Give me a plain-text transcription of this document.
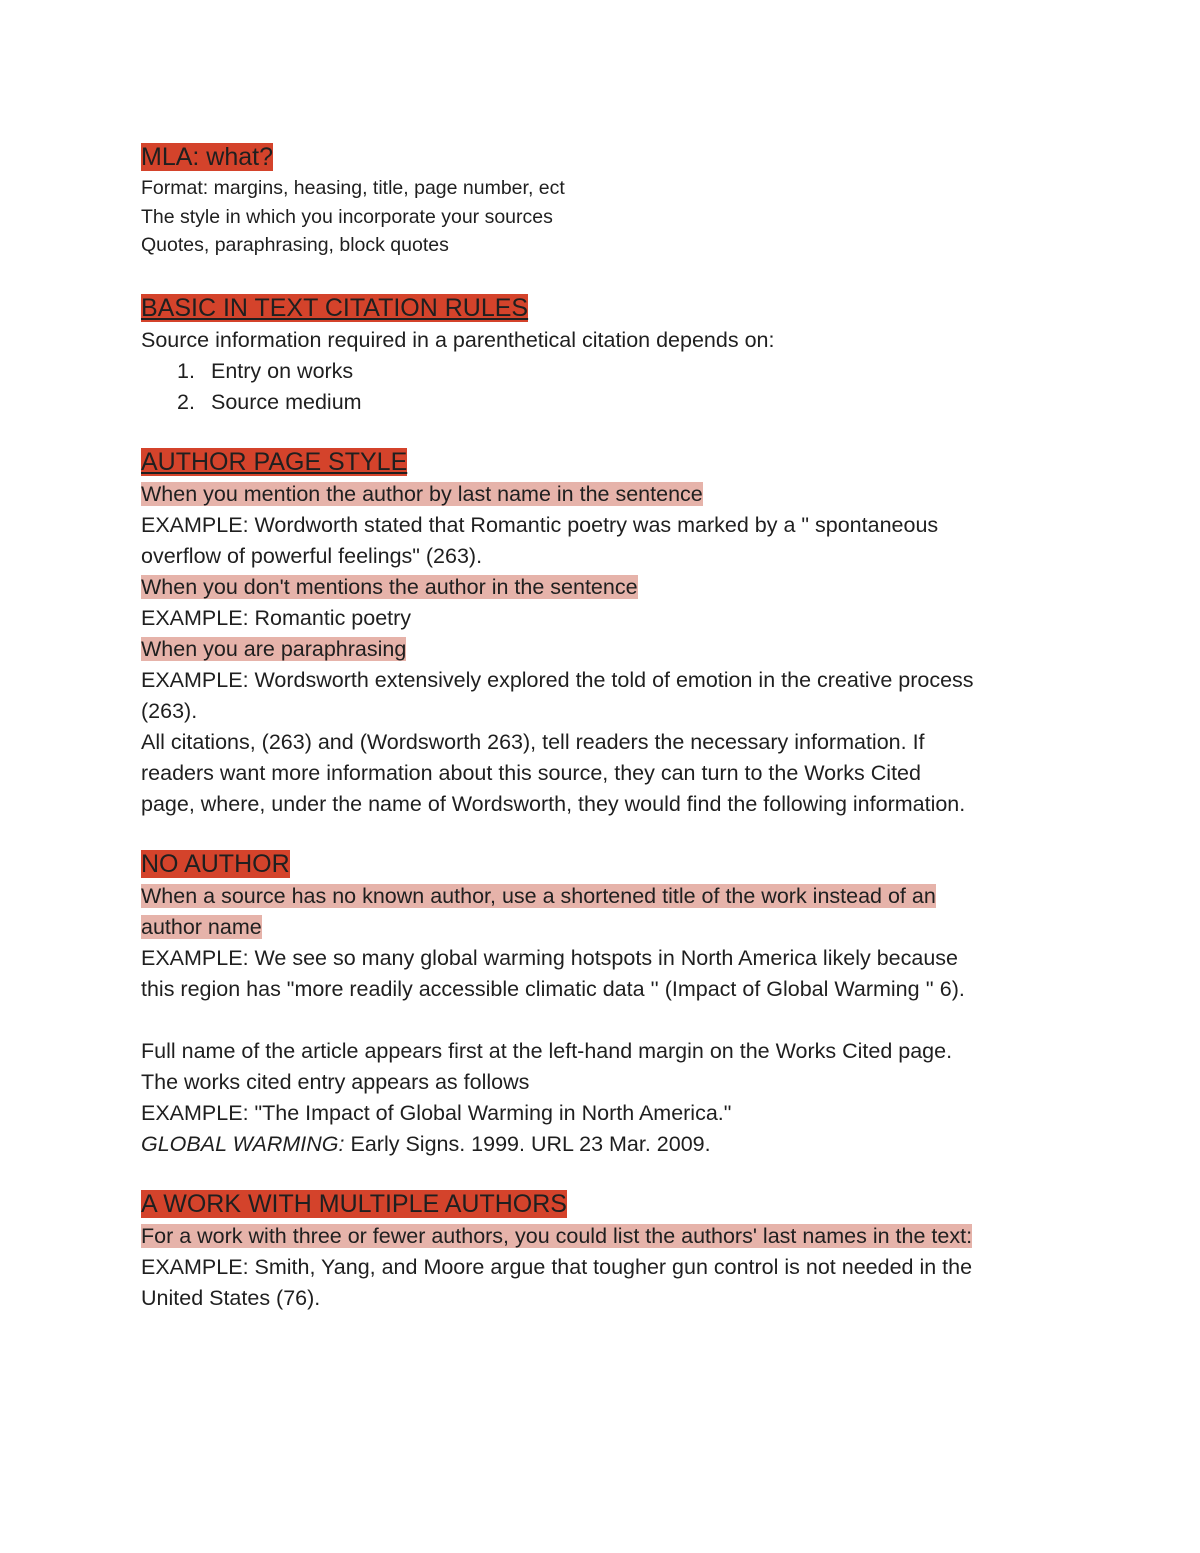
MLA: what?

Format: margins, heasing, title, page number, ect
The style in which you incorporate your sources
Quotes, paraphrasing, block quotes

BASIC IN TEXT CITATION RULES

Source information required in a parenthetical citation depends on:
1. Entry on works
2. Source medium

AUTHOR PAGE STYLE

When you mention the author by last name in the sentence
EXAMPLE: Wordworth stated that Romantic poetry was marked by a " spontaneous
overflow of powerful feelings" (263).
When you don't mentions the author in the sentence
EXAMPLE: Romantic poetry
When you are paraphrasing
EXAMPLE: Wordsworth extensively explored the told of emotion in the creative process
(263).
All citations, (263) and (Wordsworth 263), tell readers the necessary information. If
readers want more information about this source, they can turn to the Works Cited
page, where, under the name of Wordsworth, they would find the following information.

NO AUTHOR

When a source has no known author, use a shortened title of the work instead of an
author name
EXAMPLE: We see so many global warming hotspots in North America likely because
this region has "more readily accessible climatic data '' (Impact of Global Warming '' 6).
Full name of the article appears first at the left-hand margin on the Works Cited page.
The works cited entry appears as follows
EXAMPLE: "The Impact of Global Warming in North America."
GLOBAL WARMING: Early Signs. 1999. URL 23 Mar. 2009.

A WORK WITH MULTIPLE AUTHORS

For a work with three or fewer authors, you could list the authors' last names in the text:
EXAMPLE: Smith, Yang, and Moore argue that tougher gun control is not needed in the
United States (76).
